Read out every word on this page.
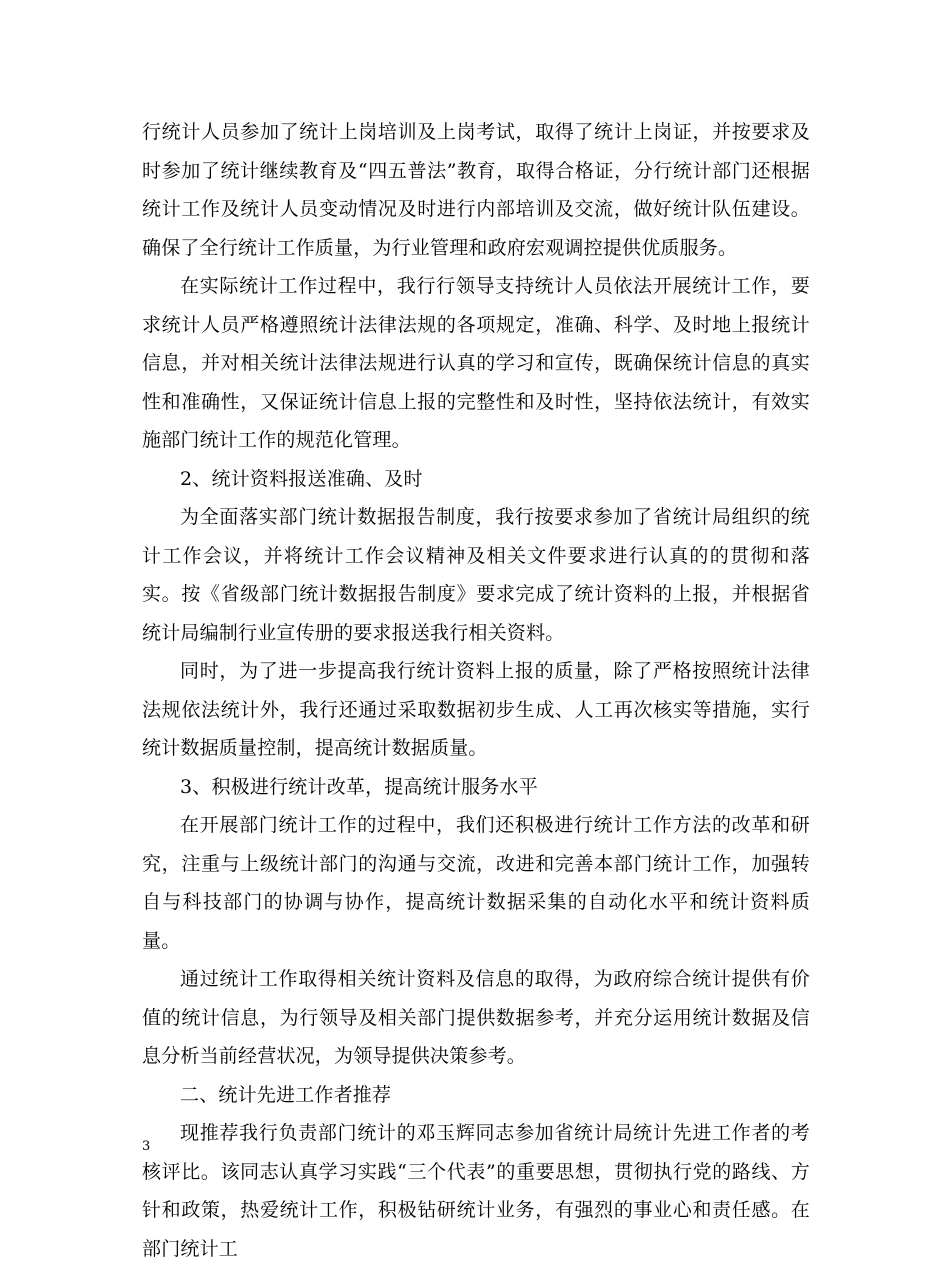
行统计人员参加了统计上岗培训及上岗考试，取得了统计上岗证，并按要求及时参加了统计继续教育及“四五普法”教育，取得合格证，分行统计部门还根据统计工作及统计人员变动情况及时进行内部培训及交流，做好统计队伍建设。确保了全行统计工作质量，为行业管理和政府宏观调控提供优质服务。

在实际统计工作过程中，我行行领导支持统计人员依法开展统计工作，要求统计人员严格遵照统计法律法规的各项规定，准确、科学、及时地上报统计信息，并对相关统计法律法规进行认真的学习和宣传，既确保统计信息的真实性和准确性，又保证统计信息上报的完整性和及时性，坚持依法统计，有效实施部门统计工作的规范化管理。

2、统计资料报送准确、及时

为全面落实部门统计数据报告制度，我行按要求参加了省统计局组织的统计工作会议，并将统计工作会议精神及相关文件要求进行认真的的贯彻和落实。按《省级部门统计数据报告制度》要求完成了统计资料的上报，并根据省统计局编制行业宣传册的要求报送我行相关资料。

同时，为了进一步提高我行统计资料上报的质量，除了严格按照统计法律法规依法统计外，我行还通过采取数据初步生成、人工再次核实等措施，实行统计数据质量控制，提高统计数据质量。

3、积极进行统计改革，提高统计服务水平

在开展部门统计工作的过程中，我们还积极进行统计工作方法的改革和研究，注重与上级统计部门的沟通与交流，改进和完善本部门统计工作，加强转自与科技部门的协调与协作，提高统计数据采集的自动化水平和统计资料质量。

通过统计工作取得相关统计资料及信息的取得，为政府综合统计提供有价值的统计信息，为行领导及相关部门提供数据参考，并充分运用统计数据及信息分析当前经营状况，为领导提供决策参考。

二、统计先进工作者推荐

现推荐我行负责部门统计的邓玉辉同志参加省统计局统计先进工作者的考核评比。该同志认真学习实践“三个代表”的重要思想，贯彻执行党的路线、方针和政策，热爱统计工作，积极钻研统计业务，有强烈的事业心和责任感。在部门统计工

3
